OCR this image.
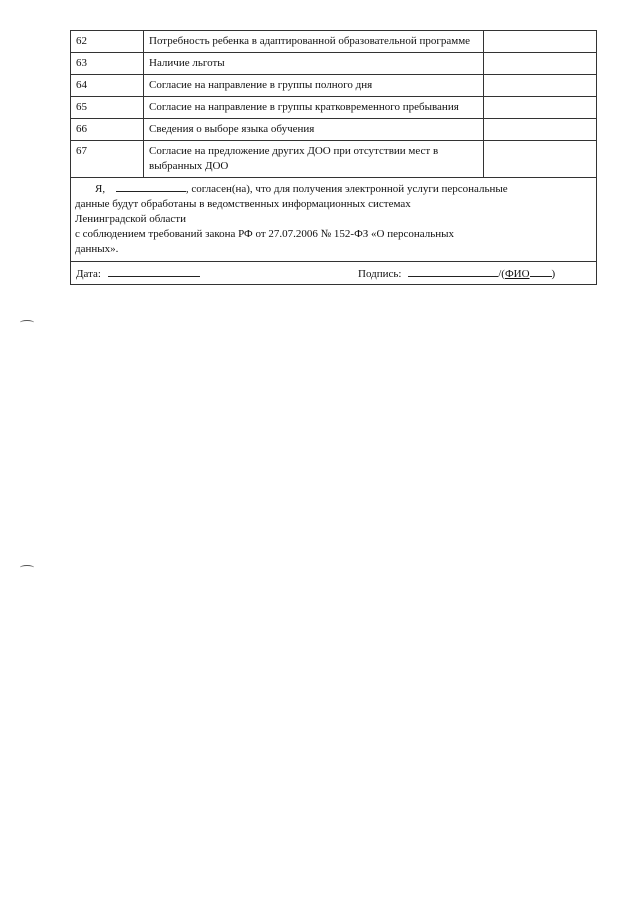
62	Потребность ребенка в адаптированной образовательной программе	
63	Наличие льготы	
64	Согласие на направление в группы полного дня	
65	Согласие на направление в группы кратковременного пребывания	
66	Сведения о выборе языка обучения	
67	Согласие на предложение других ДОО при отсутствии мест в выбранных ДОО	

Я, , согласен(на), что для получения электронной услуги персональные
данные будут обработаны в ведомственных информационных системах
Ленинградской области
с соблюдением требований закона РФ от 27.07.2006 № 152-ФЗ «О персональных
данных».		

Дата: Подпись: /(ФИО )		
